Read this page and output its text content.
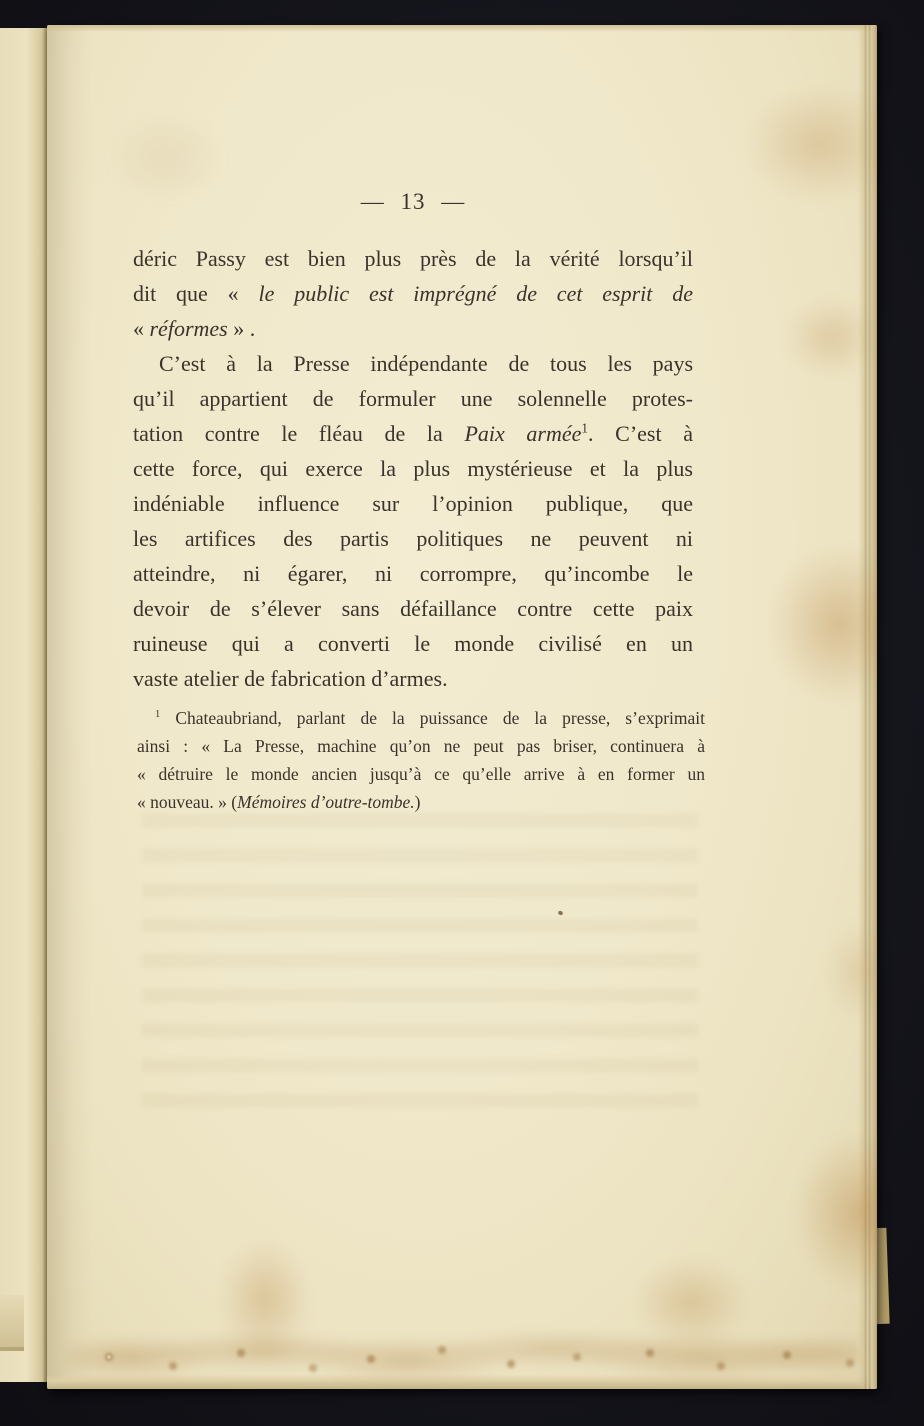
— 13 —
déric Passy est bien plus près de la vérité lorsqu’il
dit que « le public est imprégné de cet esprit de
« réformes » .
C’est à la Presse indépendante de tous les pays
qu’il appartient de formuler une solennelle protes-
tation contre le fléau de la Paix armée$^1$. C’est à
cette force, qui exerce la plus mystérieuse et la plus
indéniable influence sur l’opinion publique, que
les artifices des partis politiques ne peuvent ni
atteindre, ni égarer, ni corrompre, qu’incombe le
devoir de s’élever sans défaillance contre cette paix
ruineuse qui a converti le monde civilisé en un
vaste atelier de fabrication d’armes.
$^1$ Chateaubriand, parlant de la puissance de la presse, s’exprimait
ainsi : « La Presse, machine qu’on ne peut pas briser, continuera à
« détruire le monde ancien jusqu’à ce qu’elle arrive à en former un
« nouveau. » (Mémoires d’outre-tombe.)
